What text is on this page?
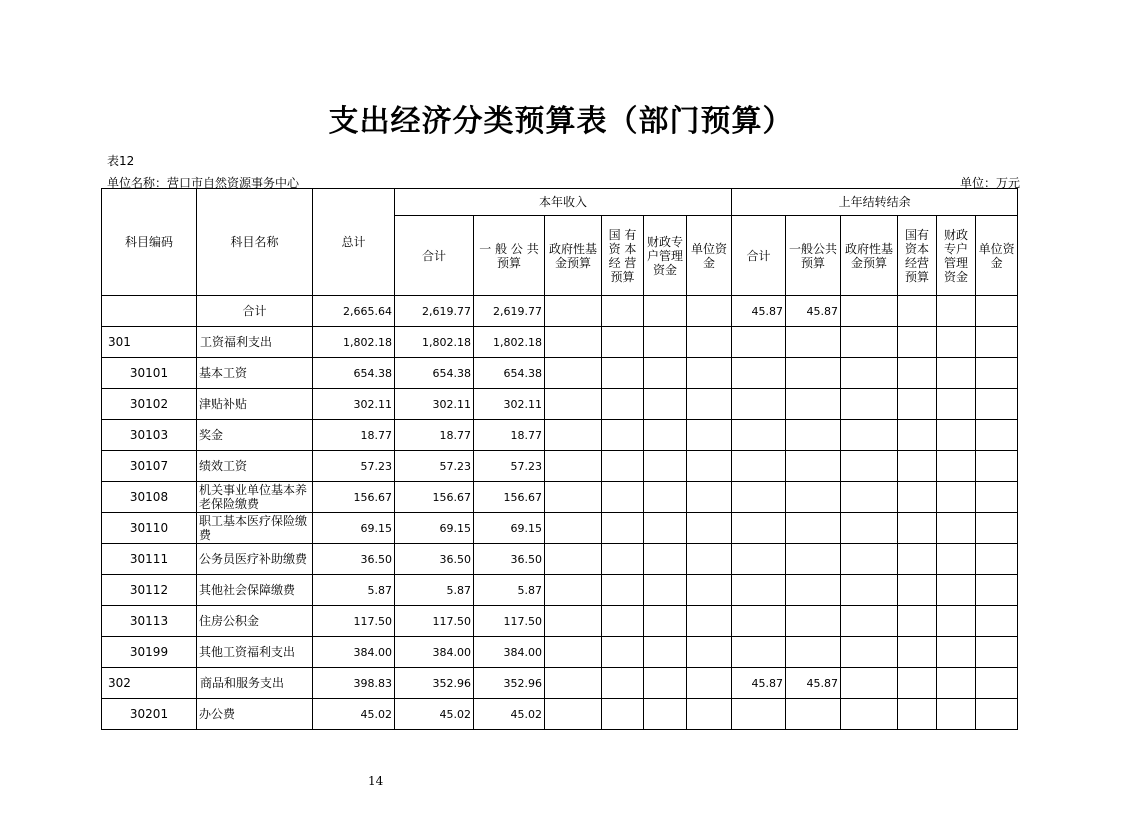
支出经济分类预算表（部门预算）
表12
单位名称：营口市自然资源事务中心	单位：万元
科目编码	科目名称	总计	本年收入						上年结转结余					
			合计	一 般 公 共预算	政府性基金预算	国 有 资 本 经 营 预算	财政专户管理资金	单位资金	合计	一般公共预算	政府性基金预算	国有资本经营预算	财政专户管理资金	单位资金
	合计	2,665.64	2,619.77	2,619.77					45.87	45.87				
301	工资福利支出	1,802.18	1,802.18	1,802.18										
30101	基本工资	654.38	654.38	654.38										
30102	津贴补贴	302.11	302.11	302.11										
30103	奖金	18.77	18.77	18.77										
30107	绩效工资	57.23	57.23	57.23										
30108	机关事业单位基本养老保险缴费	156.67	156.67	156.67										
30110	职工基本医疗保险缴费	69.15	69.15	69.15										
30111	公务员医疗补助缴费	36.50	36.50	36.50										
30112	其他社会保障缴费	5.87	5.87	5.87										
30113	住房公积金	117.50	117.50	117.50										
30199	其他工资福利支出	384.00	384.00	384.00										
302	商品和服务支出	398.83	352.96	352.96					45.87	45.87				
30201	办公费	45.02	45.02	45.02										
14
